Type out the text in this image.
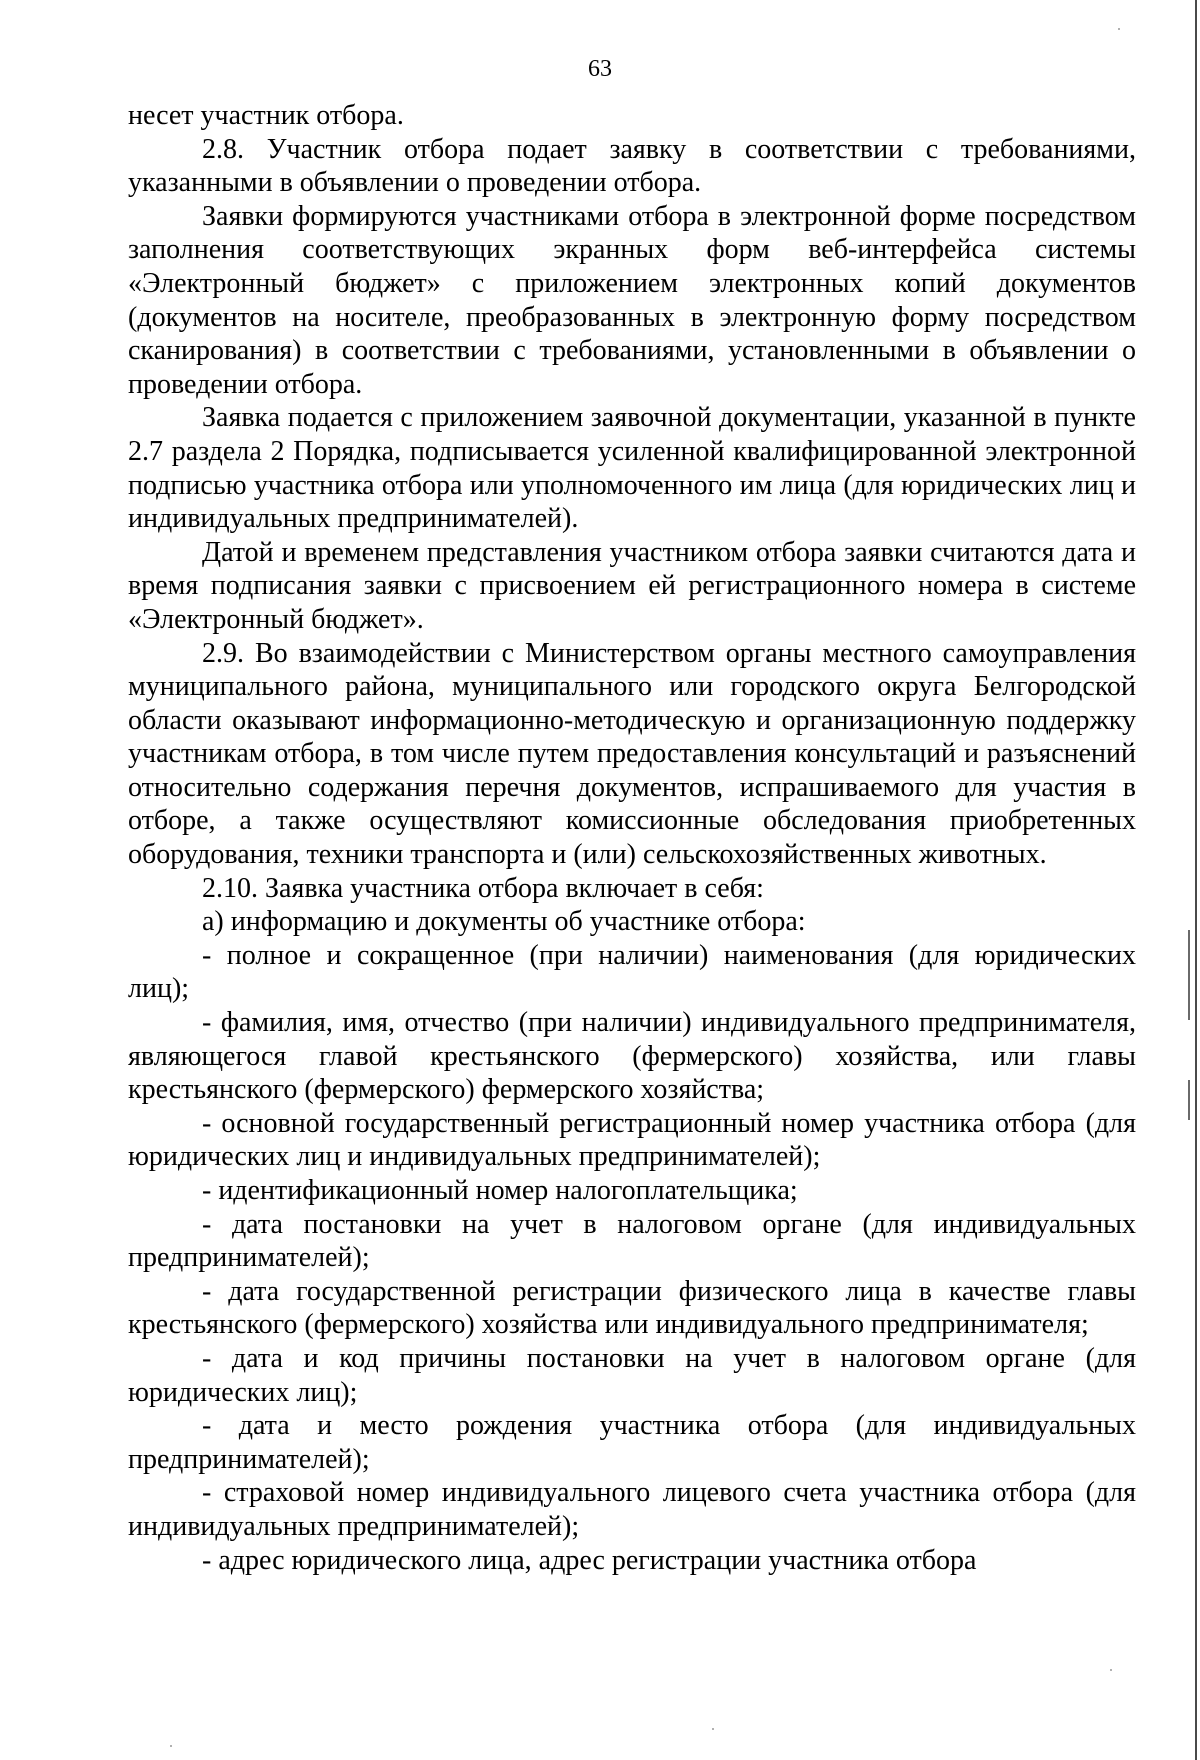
63

несет участник отбора.

2.8. Участник отбора подает заявку в соответствии с требованиями, указанными в объявлении о проведении отбора.

Заявки формируются участниками отбора в электронной форме посредством заполнения соответствующих экранных форм веб-интерфейса системы «Электронный бюджет» с приложением электронных копий документов (документов на носителе, преобразованных в электронную форму посредством сканирования) в соответствии с требованиями, установленными в объявлении о проведении отбора.

Заявка подается с приложением заявочной документации, указанной в пункте 2.7 раздела 2 Порядка, подписывается усиленной квалифицированной электронной подписью участника отбора или уполномоченного им лица (для юридических лиц и индивидуальных предпринимателей).

Датой и временем представления участником отбора заявки считаются дата и время подписания заявки с присвоением ей регистрационного номера в системе «Электронный бюджет».

2.9. Во взаимодействии с Министерством органы местного самоуправления муниципального района, муниципального или городского округа Белгородской области оказывают информационно-методическую и организационную поддержку участникам отбора, в том числе путем предоставления консультаций и разъяснений относительно содержания перечня документов, испрашиваемого для участия в отборе, а также осуществляют комиссионные обследования приобретенных оборудования, техники транспорта и (или) сельскохозяйственных животных.

2.10. Заявка участника отбора включает в себя:

а) информацию и документы об участнике отбора:

- полное и сокращенное (при наличии) наименования (для юридических лиц);

- фамилия, имя, отчество (при наличии) индивидуального предпринимателя, являющегося главой крестьянского (фермерского) хозяйства, или главы крестьянского (фермерского) фермерского хозяйства;

- основной государственный регистрационный номер участника отбора (для юридических лиц и индивидуальных предпринимателей);

- идентификационный номер налогоплательщика;

- дата постановки на учет в налоговом органе (для индивидуальных предпринимателей);

- дата государственной регистрации физического лица в качестве главы крестьянского (фермерского) хозяйства или индивидуального предпринимателя;

- дата и код причины постановки на учет в налоговом органе (для юридических лиц);

- дата и место рождения участника отбора (для индивидуальных предпринимателей);

- страховой номер индивидуального лицевого счета участника отбора (для индивидуальных предпринимателей);

- адрес юридического лица, адрес регистрации участника отбора
